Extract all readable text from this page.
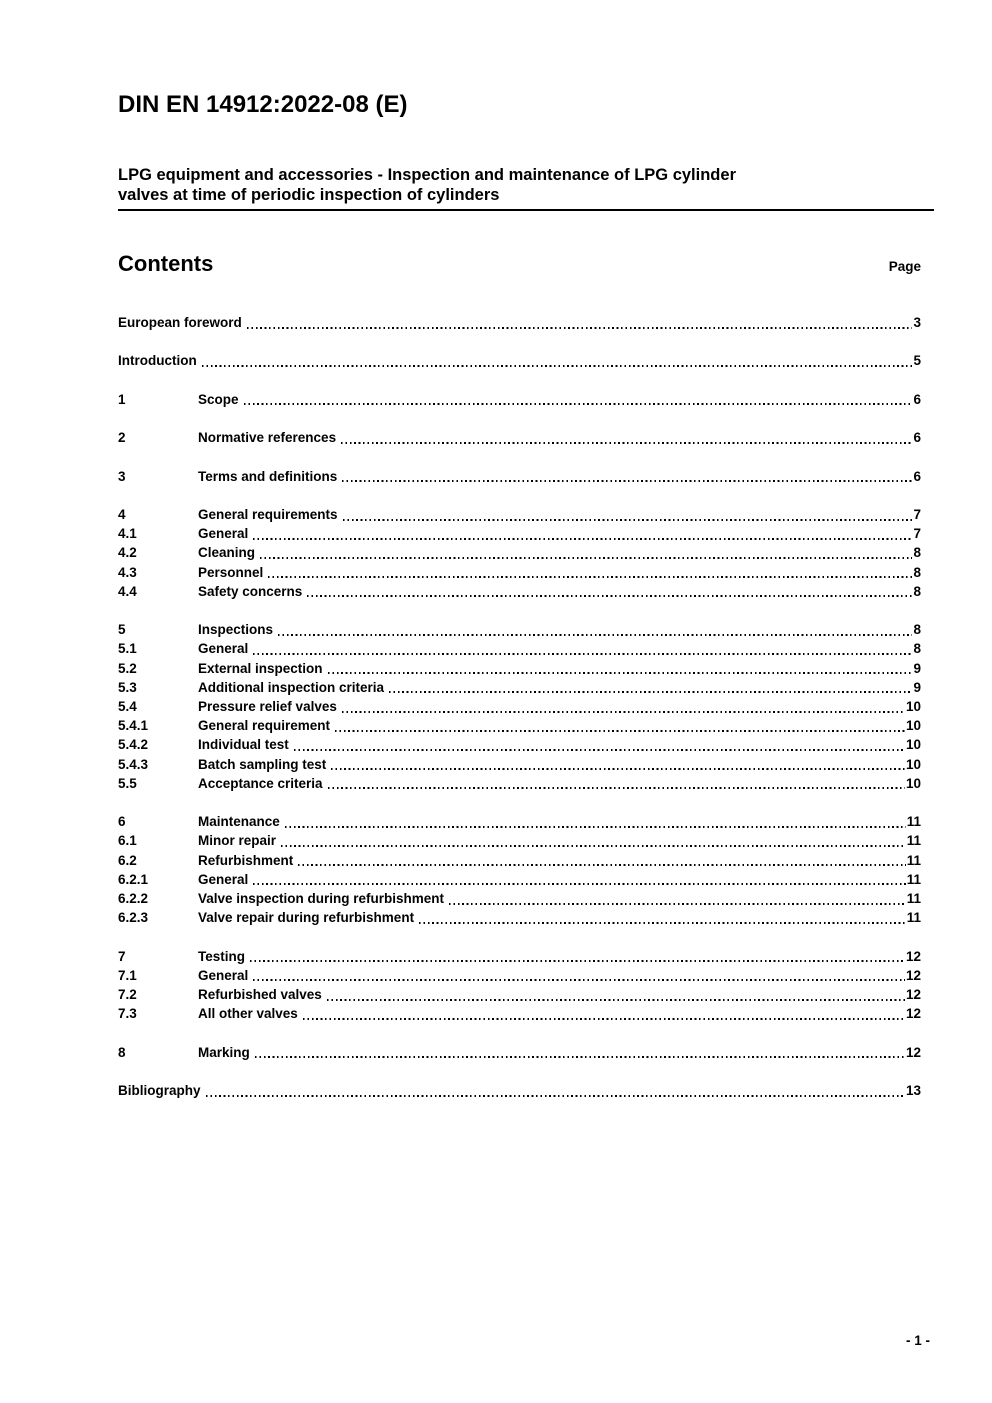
DIN EN 14912:2022-08 (E)
LPG equipment and accessories - Inspection and maintenance of LPG cylinder
valves at time of periodic inspection of cylinders
Contents	Page
European foreword	3
Introduction	5
1	Scope	6
2	Normative references	6
3	Terms and definitions	6
4	General requirements	7
4.1	General	7
4.2	Cleaning	8
4.3	Personnel	8
4.4	Safety concerns	8
5	Inspections	8
5.1	General	8
5.2	External inspection	9
5.3	Additional inspection criteria	9
5.4	Pressure relief valves	10
5.4.1	General requirement	10
5.4.2	Individual test	10
5.4.3	Batch sampling test	10
5.5	Acceptance criteria	10
6	Maintenance	11
6.1	Minor repair	11
6.2	Refurbishment	11
6.2.1	General	11
6.2.2	Valve inspection during refurbishment	11
6.2.3	Valve repair during refurbishment	11
7	Testing	12
7.1	General	12
7.2	Refurbished valves	12
7.3	All other valves	12
8	Marking	12
Bibliography	13
- 1 -
